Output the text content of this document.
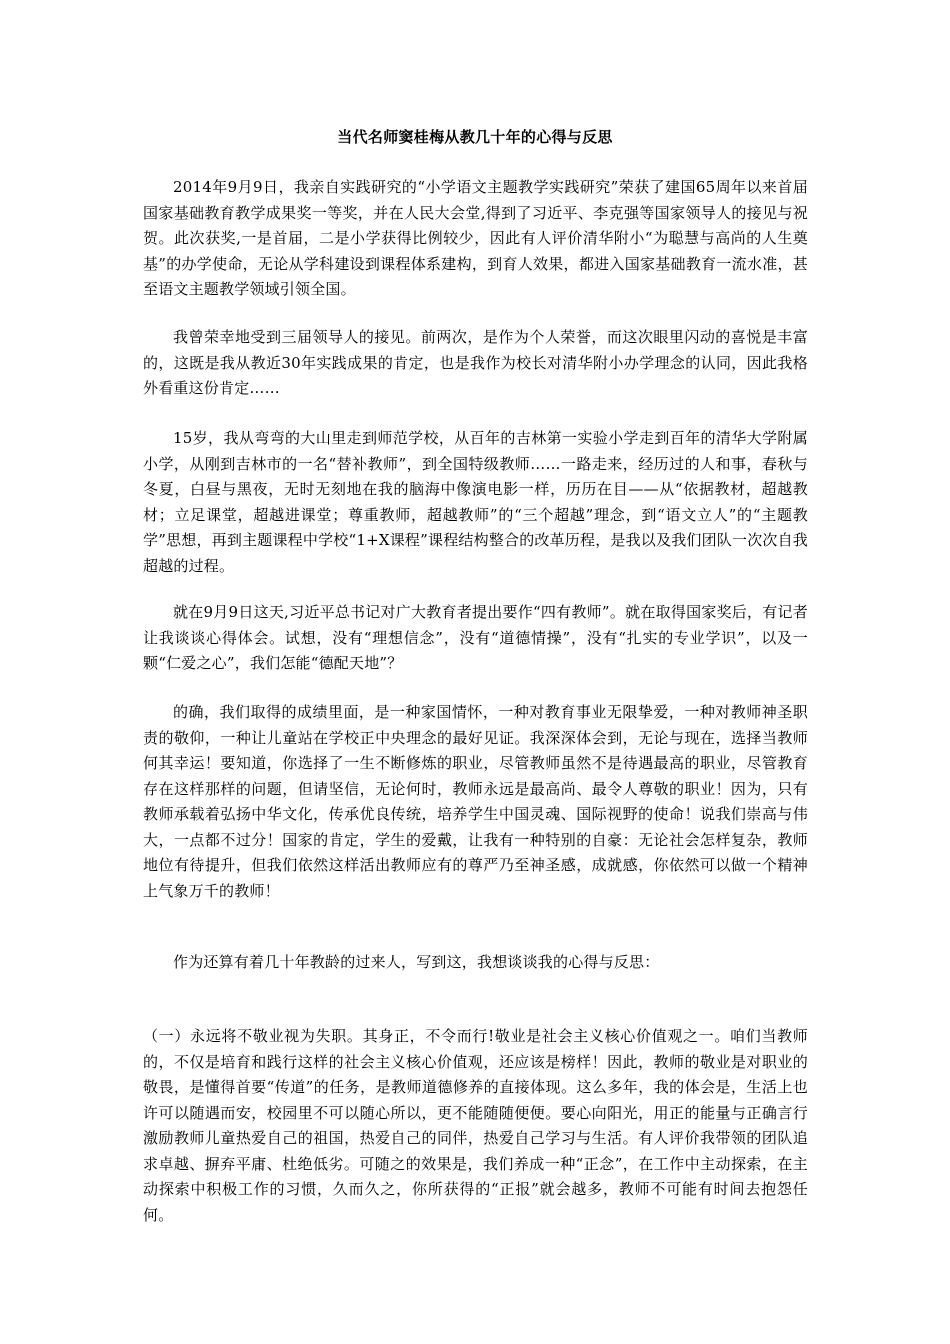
当代名师窦桂梅从教几十年的心得与反思

2014年9月9日，我亲自实践研究的“小学语文主题教学实践研究”荣获了建国65周年以来首届国家基础教育教学成果奖一等奖，并在人民大会堂,得到了习近平、李克强等国家领导人的接见与祝贺。此次获奖,一是首届，二是小学获得比例较少，因此有人评价清华附小“为聪慧与高尚的人生奠基”的办学使命，无论从学科建设到课程体系建构，到育人效果，都进入国家基础教育一流水准，甚至语文主题教学领域引领全国。

我曾荣幸地受到三届领导人的接见。前两次，是作为个人荣誉，而这次眼里闪动的喜悦是丰富的，这既是我从教近30年实践成果的肯定，也是我作为校长对清华附小办学理念的认同，因此我格外看重这份肯定……

15岁，我从弯弯的大山里走到师范学校，从百年的吉林第一实验小学走到百年的清华大学附属小学，从刚到吉林市的一名“替补教师”，到全国特级教师……一路走来，经历过的人和事，春秋与冬夏，白昼与黑夜，无时无刻地在我的脑海中像演电影一样，历历在目——从“依据教材，超越教材；立足课堂，超越进课堂；尊重教师，超越教师”的“三个超越”理念，到“语文立人”的“主题教学”思想，再到主题课程中学校“1+X课程”课程结构整合的改革历程，是我以及我们团队一次次自我超越的过程。

就在9月9日这天,习近平总书记对广大教育者提出要作“四有教师”。就在取得国家奖后，有记者让我谈谈心得体会。试想，没有“理想信念”，没有“道德情操”，没有“扎实的专业学识”，以及一颗“仁爱之心”，我们怎能“德配天地”？

的确，我们取得的成绩里面，是一种家国情怀，一种对教育事业无限挚爱，一种对教师神圣职责的敬仰，一种让儿童站在学校正中央理念的最好见证。我深深体会到，无论与现在，选择当教师何其幸运！要知道，你选择了一生不断修炼的职业，尽管教师虽然不是待遇最高的职业，尽管教育存在这样那样的问题，但请坚信，无论何时，教师永远是最高尚、最令人尊敬的职业！因为，只有教师承载着弘扬中华文化，传承优良传统，培养学生中国灵魂、国际视野的使命！说我们崇高与伟大，一点都不过分！国家的肯定，学生的爱戴，让我有一种特别的自豪：无论社会怎样复杂，教师地位有待提升，但我们依然这样活出教师应有的尊严乃至神圣感，成就感，你依然可以做一个精神上气象万千的教师！

作为还算有着几十年教龄的过来人，写到这，我想谈谈我的心得与反思：

（一）永远将不敬业视为失职。其身正，不令而行!敬业是社会主义核心价值观之一。咱们当教师的，不仅是培育和践行这样的社会主义核心价值观，还应该是榜样！因此，教师的敬业是对职业的敬畏，是懂得首要“传道”的任务，是教师道德修养的直接体现。这么多年，我的体会是，生活上也许可以随遇而安，校园里不可以随心所以，更不能随随便便。要心向阳光，用正的能量与正确言行激励教师儿童热爱自己的祖国，热爱自己的同伴，热爱自己学习与生活。有人评价我带领的团队追求卓越、摒弃平庸、杜绝低劣。可随之的效果是，我们养成一种“正念”，在工作中主动探索，在主动探索中积极工作的习惯，久而久之，你所获得的“正报”就会越多，教师不可能有时间去抱怨任何。
